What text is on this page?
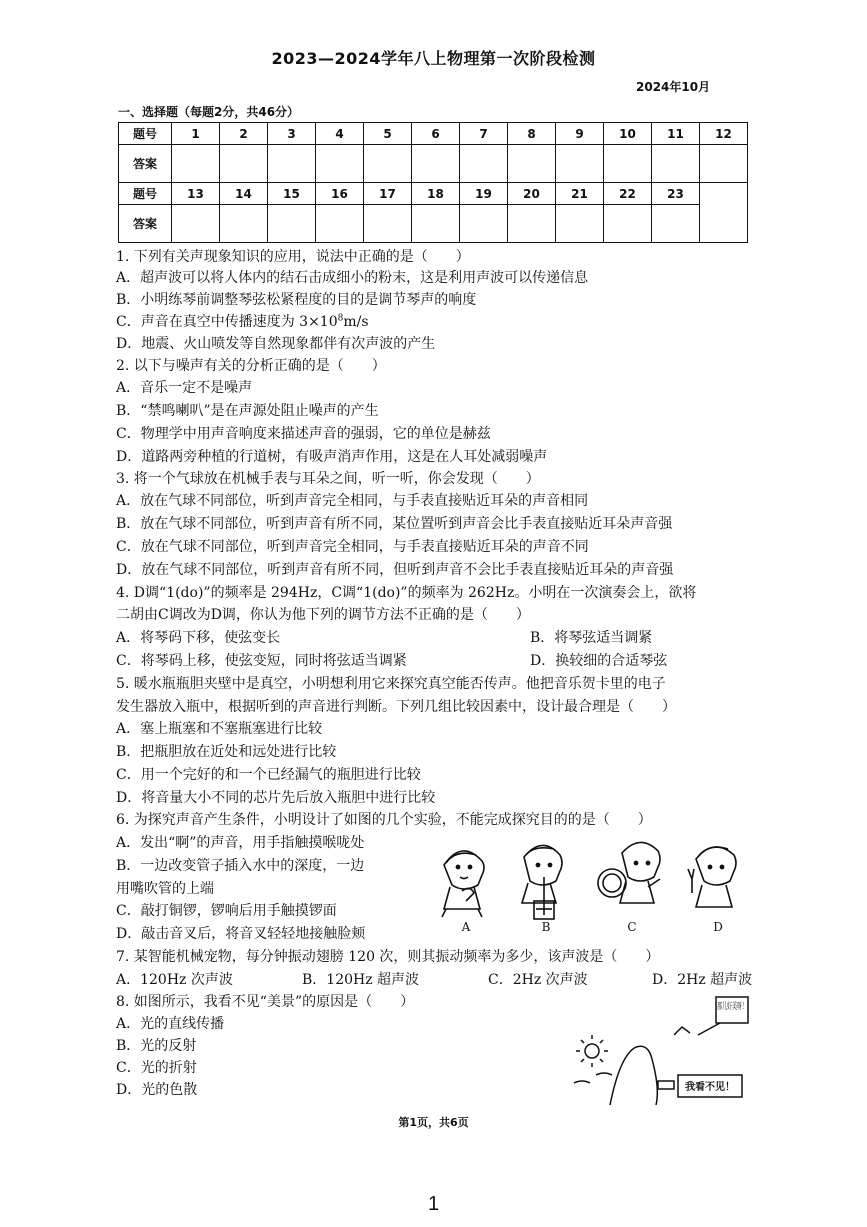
2023—2024学年八上物理第一次阶段检测
2024年10月
一、选择题（每题2分，共46分）
题号	1	2	3	4	5	6	7	8	9	10	11	12
答案												
题号	13	14	15	16	17	18	19	20	21	22	23	
答案												
1. 下列有关声现象知识的应用，说法中正确的是（　　）
A．超声波可以将人体内的结石击成细小的粉末，这是利用声波可以传递信息
B．小明练琴前调整琴弦松紧程度的目的是调节琴声的响度
C．声音在真空中传播速度为 $3\times 10^8m/s$
D．地震、火山喷发等自然现象都伴有次声波的产生
2. 以下与噪声有关的分析正确的是（　　）
A．音乐一定不是噪声
B．“禁鸣喇叭”是在声源处阻止噪声的产生
C．物理学中用声音响度来描述声音的强弱，它的单位是赫兹
D．道路两旁种植的行道树，有吸声消声作用，这是在人耳处减弱噪声
3. 将一个气球放在机械手表与耳朵之间，听一听，你会发现（　　）
A．放在气球不同部位，听到声音完全相同，与手表直接贴近耳朵的声音相同
B．放在气球不同部位，听到声音有所不同，某位置听到声音会比手表直接贴近耳朵声音强
C．放在气球不同部位，听到声音完全相同，与手表直接贴近耳朵的声音不同
D．放在气球不同部位，听到声音有所不同，但听到声音不会比手表直接贴近耳朵的声音强
4. D调“1(do)”的频率是 294Hz，C调“1(do)”的频率为 262Hz。小明在一次演奏会上，欲将
二胡由C调改为D调，你认为他下列的调节方法不正确的是（　　）
A．将琴码下移，使弦变长	B．将琴弦适当调紧
C．将琴码上移，使弦变短，同时将弦适当调紧	D．换较细的合适琴弦
5. 暖水瓶瓶胆夹壁中是真空，小明想利用它来探究真空能否传声。他把音乐贺卡里的电子
发生器放入瓶中，根据听到的声音进行判断。下列几组比较因素中，设计最合理是（　　）
A．塞上瓶塞和不塞瓶塞进行比较
B．把瓶胆放在近处和远处进行比较
C．用一个完好的和一个已经漏气的瓶胆进行比较
D．将音量大小不同的芯片先后放入瓶胆中进行比较
6. 为探究声音产生条件，小明设计了如图的几个实验，不能完成探究目的的是（　　）
A．发出“啊”的声音，用手指触摸喉咙处
B．一边改变管子插入水中的深度，一边
用嘴吹管的上端
C．敲打铜锣，锣响后用手触摸锣面
D．敲击音叉后，将音叉轻轻地接触脸颊	A	B	C	D
7. 某智能机械宠物，每分钟振动翅膀 120 次，则其振动频率为多少，该声波是（　　）
A．120Hz 次声波	B．120Hz 超声波	C．2Hz 次声波	D．2Hz 超声波
8. 如图所示，我看不见“美景”的原因是（　　）
A．光的直线传播
B．光的反射
C．光的折射
D．光的色散
那儿好美呀！
我看不见！
第1页，共6页
1
